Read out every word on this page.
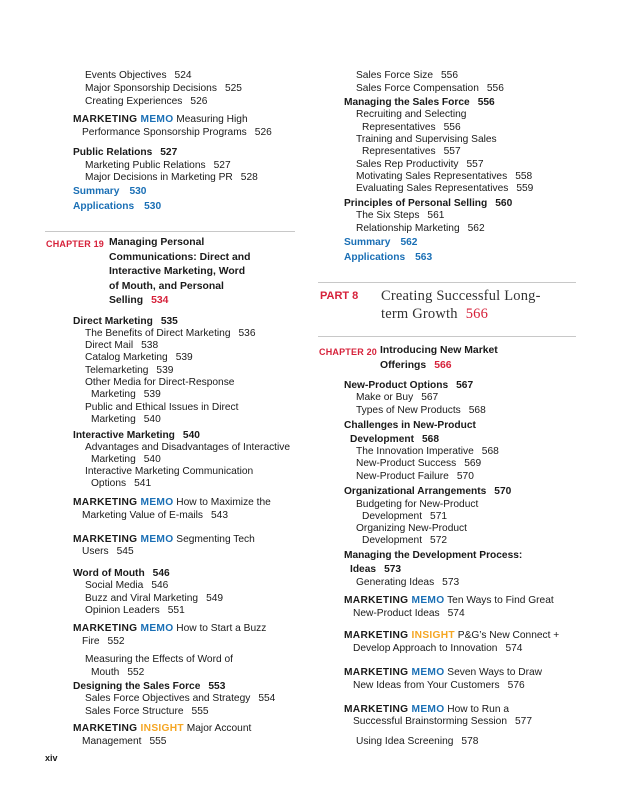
Events Objectives 524
Major Sponsorship Decisions 525
Creating Experiences 526
MARKETING MEMO Measuring High
Performance Sponsorship Programs 526
Public Relations 527
Marketing Public Relations 527
Major Decisions in Marketing PR 528
Summary 530
Applications 530
CHAPTER 19 Managing Personal
Communications: Direct and
Interactive Marketing, Word
of Mouth, and Personal
Selling 534
Direct Marketing 535
The Benefits of Direct Marketing 536
Direct Mail 538
Catalog Marketing 539
Telemarketing 539
Other Media for Direct-Response
Marketing 539
Public and Ethical Issues in Direct
Marketing 540
Interactive Marketing 540
Advantages and Disadvantages of Interactive
Marketing 540
Interactive Marketing Communication
Options 541
MARKETING MEMO How to Maximize the
Marketing Value of E-mails 543
MARKETING MEMO Segmenting Tech
Users 545
Word of Mouth 546
Social Media 546
Buzz and Viral Marketing 549
Opinion Leaders 551
MARKETING MEMO How to Start a Buzz
Fire 552
Measuring the Effects of Word of
Mouth 552
Designing the Sales Force 553
Sales Force Objectives and Strategy 554
Sales Force Structure 555
MARKETING INSIGHT Major Account
Management 555
Sales Force Size 556
Sales Force Compensation 556
Managing the Sales Force 556
Recruiting and Selecting
Representatives 556
Training and Supervising Sales
Representatives 557
Sales Rep Productivity 557
Motivating Sales Representatives 558
Evaluating Sales Representatives 559
Principles of Personal Selling 560
The Six Steps 561
Relationship Marketing 562
Summary 562
Applications 563
PART 8 Creating Successful Long-
term Growth 566
CHAPTER 20 Introducing New Market
Offerings 566
New-Product Options 567
Make or Buy 567
Types of New Products 568
Challenges in New-Product
Development 568
The Innovation Imperative 568
New-Product Success 569
New-Product Failure 570
Organizational Arrangements 570
Budgeting for New-Product
Development 571
Organizing New-Product
Development 572
Managing the Development Process:
Ideas 573
Generating Ideas 573
MARKETING MEMO Ten Ways to Find Great
New-Product Ideas 574
MARKETING INSIGHT P&G’s New Connect +
Develop Approach to Innovation 574
MARKETING MEMO Seven Ways to Draw
New Ideas from Your Customers 576
MARKETING MEMO How to Run a
Successful Brainstorming Session 577
Using Idea Screening 578
xiv
